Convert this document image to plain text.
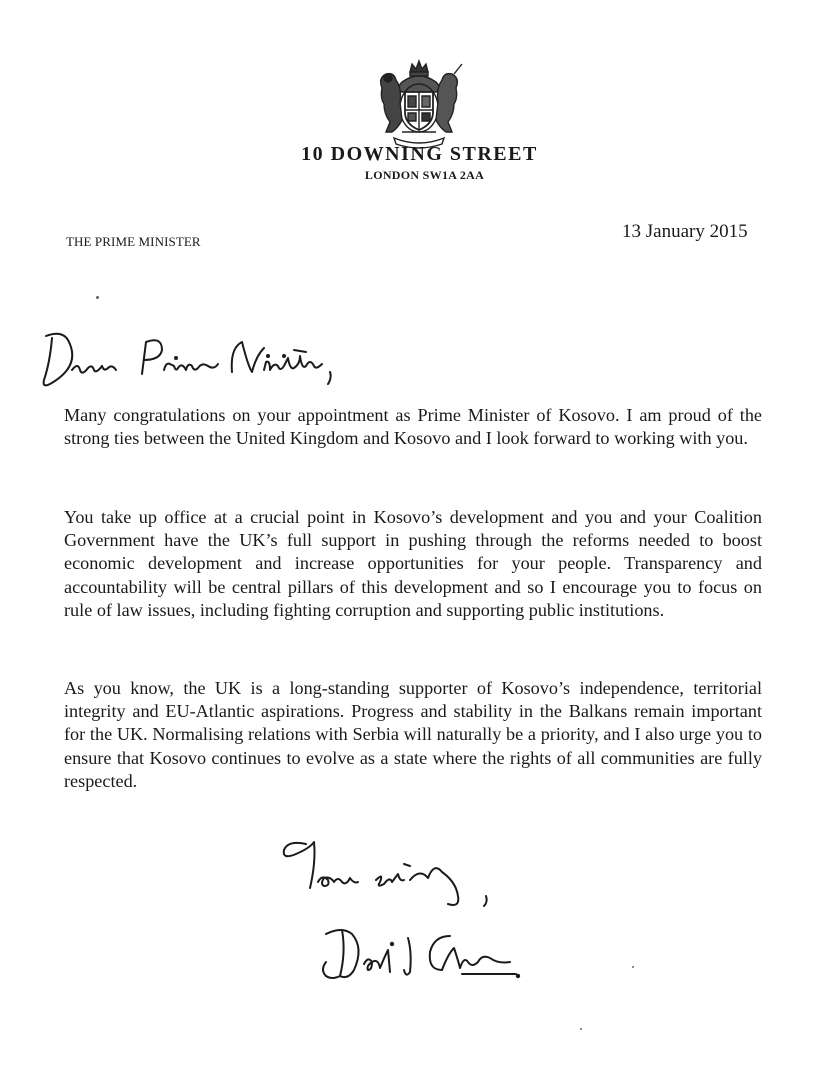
10 DOWNING STREET
LONDON SW1A 2AA
THE PRIME MINISTER	13 January 2015
Many congratulations on your appointment as Prime Minister of Kosovo. I am proud of the strong ties between the United Kingdom and Kosovo and I look forward to working with you.
You take up office at a crucial point in Kosovo’s development and you and your Coalition Government have the UK’s full support in pushing through the reforms needed to boost economic development and increase opportunities for your people. Transparency and accountability will be central pillars of this development and so I encourage you to focus on rule of law issues, including fighting corruption and supporting public institutions.
As you know, the UK is a long-standing supporter of Kosovo’s independence, territorial integrity and EU-Atlantic aspirations. Progress and stability in the Balkans remain important for the UK. Normalising relations with Serbia will naturally be a priority, and I also urge you to ensure that Kosovo continues to evolve as a state where the rights of all communities are fully respected.
